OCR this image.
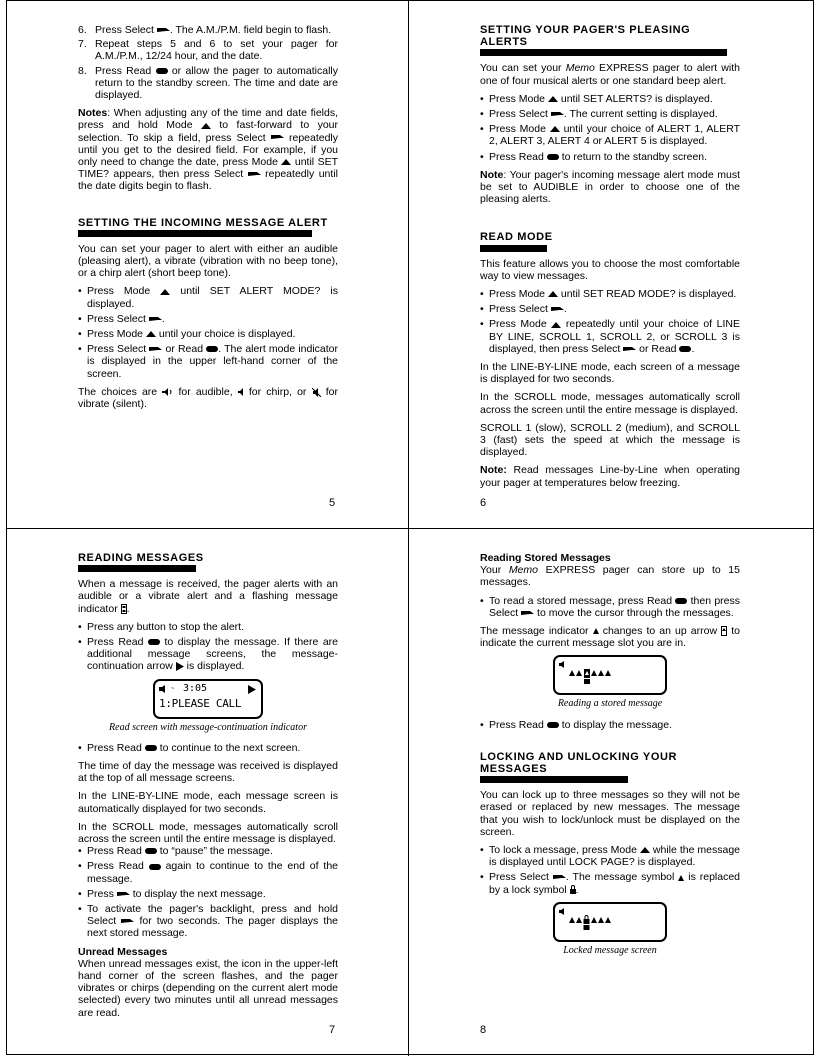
6. Press Select . The A.M./P.M. field begin to flash.
7. Repeat steps 5 and 6 to set your pager for A.M./P.M., 12/24 hour, and the date.
8. Press Read or allow the pager to automatically return to the standby screen. The time and date are displayed.

Notes: When adjusting any of the time and date fields, press and hold Mode	to fast-forward to your selection. To skip a field, press Select repeatedly until you get to the desired field. For example, if you only need to change the date, press Mode until SET TIME? appears, then press Select repeatedly until the date digits begin to flash.

SETTING THE INCOMING MESSAGE ALERT

You can set your pager to alert with either an audible (pleasing alert), a vibrate (vibration with no beep tone), or a chirp alert (short beep tone).

• Press Mode	until SET ALERT MODE? is displayed.
• Press Select .
• Press Mode until your choice is displayed.
• Press Select or Read . The alert mode indicator is displayed in the upper left-hand corner of the screen.

The choices are for audible, for chirp, or for vibrate (silent).

5
SETTING YOUR PAGER'S PLEASING ALERTS

You can set your Memo EXPRESS pager to alert with one of four musical alerts or one standard beep alert.

• Press Mode until SET ALERTS? is displayed.
• Press Select . The current setting is displayed.
• Press Mode until your choice of ALERT 1, ALERT 2, ALERT 3, ALERT 4 or ALERT 5 is displayed.
• Press Read to return to the standby screen.

Note: Your pager's incoming message alert mode must be set to AUDIBLE in order to choose one of the pleasing alerts.

READ MODE

This feature allows you to choose the most comfortable way to view messages.

• Press Mode until SET READ MODE? is displayed.
• Press Select .
• Press Mode repeatedly until your choice of LINE BY LINE, SCROLL 1, SCROLL 2, or SCROLL 3 is displayed, then press Select or Read .

In the LINE-BY-LINE mode, each screen of a message is displayed for two seconds.

In the SCROLL mode, messages automatically scroll across the screen until the entire message is displayed.

SCROLL 1 (slow), SCROLL 2 (medium), and SCROLL 3 (fast) sets the speed at which the message is displayed.

Note: Read messages Line-by-Line when operating your pager at temperatures below freezing.

6
READING MESSAGES

When a message is received, the pager alerts with an audible or a vibrate alert and a flashing message indicator .

• Press any button to stop the alert.
• Press Read to display the message. If there are additional message screens, the message-continuation arrow is displayed.
~ 3:05
1:PLEASE CALL
Read screen with message-continuation indicator
• Press Read to continue to the next screen.

The time of day the message was received is displayed at the top of all message screens.

In the LINE-BY-LINE mode, each message screen is automatically displayed for two seconds.

In the SCROLL mode, messages automatically scroll across the screen until the entire message is displayed.

• Press Read to “pause” the message.
• Press Read again to continue to the end of the message.
• Press to display the next message.
• To activate the pager's backlight, press and hold Select for two seconds. The pager displays the next stored message.

Unread Messages

When unread messages exist, the icon in the upper-left hand corner of the screen flashes, and the pager vibrates or chirps (depending on the current alert mode selected) every two minutes until all unread messages are read.

7

Reading Stored Messages

Your Memo EXPRESS pager can store up to 15 messages.

• To read a stored message, press Read then press Select to move the cursor through the messages.

The message indicator changes to an up arrow to indicate the current message slot you are in.

Reading a stored message
• Press Read to display the message.
LOCKING AND UNLOCKING YOUR MESSAGES

You can lock up to three messages so they will not be erased or replaced by new messages. The message that you wish to lock/unlock must be displayed on the screen.

• To lock a message, press Mode while the message is displayed until LOCK PAGE? is displayed.
• Press Select . The message symbol is replaced by a lock symbol .
Locked message screen
8
